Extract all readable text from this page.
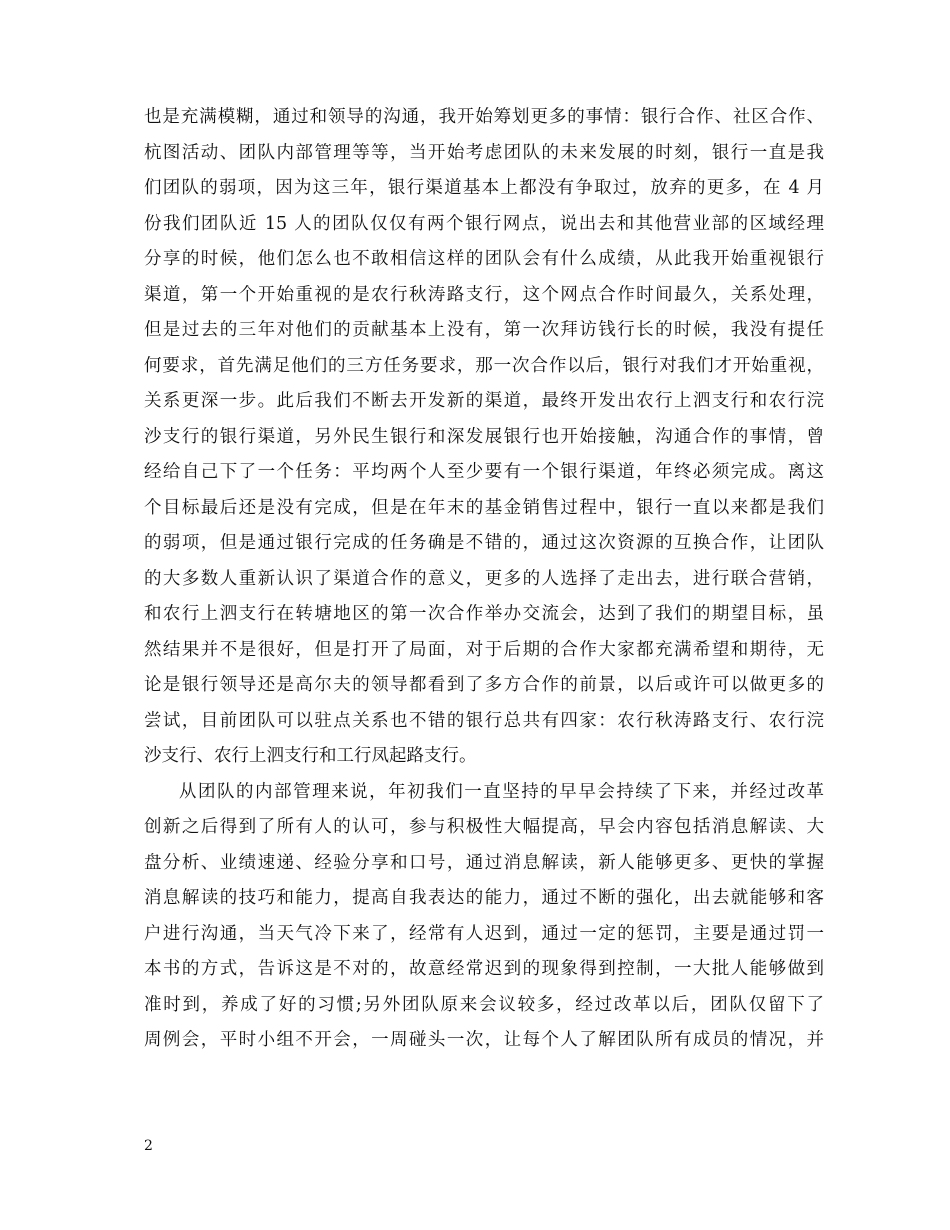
也是充满模糊，通过和领导的沟通，我开始筹划更多的事情：银行合作、社区合作、
杭图活动、团队内部管理等等，当开始考虑团队的未来发展的时刻，银行一直是我
们团队的弱项，因为这三年，银行渠道基本上都没有争取过，放弃的更多，在 4 月
份我们团队近 15 人的团队仅仅有两个银行网点，说出去和其他营业部的区域经理
分享的时候，他们怎么也不敢相信这样的团队会有什么成绩，从此我开始重视银行
渠道，第一个开始重视的是农行秋涛路支行，这个网点合作时间最久，关系处理，
但是过去的三年对他们的贡献基本上没有，第一次拜访钱行长的时候，我没有提任
何要求，首先满足他们的三方任务要求，那一次合作以后，银行对我们才开始重视，
关系更深一步。此后我们不断去开发新的渠道，最终开发出农行上泗支行和农行浣
沙支行的银行渠道，另外民生银行和深发展银行也开始接触，沟通合作的事情，曾
经给自己下了一个任务：平均两个人至少要有一个银行渠道，年终必须完成。离这
个目标最后还是没有完成，但是在年末的基金销售过程中，银行一直以来都是我们
的弱项，但是通过银行完成的任务确是不错的，通过这次资源的互换合作，让团队
的大多数人重新认识了渠道合作的意义，更多的人选择了走出去，进行联合营销，
和农行上泗支行在转塘地区的第一次合作举办交流会，达到了我们的期望目标，虽
然结果并不是很好，但是打开了局面，对于后期的合作大家都充满希望和期待，无
论是银行领导还是高尔夫的领导都看到了多方合作的前景，以后或许可以做更多的
尝试，目前团队可以驻点关系也不错的银行总共有四家：农行秋涛路支行、农行浣
沙支行、农行上泗支行和工行凤起路支行。
从团队的内部管理来说，年初我们一直坚持的早早会持续了下来，并经过改革
创新之后得到了所有人的认可，参与积极性大幅提高，早会内容包括消息解读、大
盘分析、业绩速递、经验分享和口号，通过消息解读，新人能够更多、更快的掌握
消息解读的技巧和能力，提高自我表达的能力，通过不断的强化，出去就能够和客
户进行沟通，当天气冷下来了，经常有人迟到，通过一定的惩罚，主要是通过罚一
本书的方式，告诉这是不对的，故意经常迟到的现象得到控制，一大批人能够做到
准时到，养成了好的习惯;另外团队原来会议较多，经过改革以后，团队仅留下了
周例会，平时小组不开会，一周碰头一次，让每个人了解团队所有成员的情况，并
2
